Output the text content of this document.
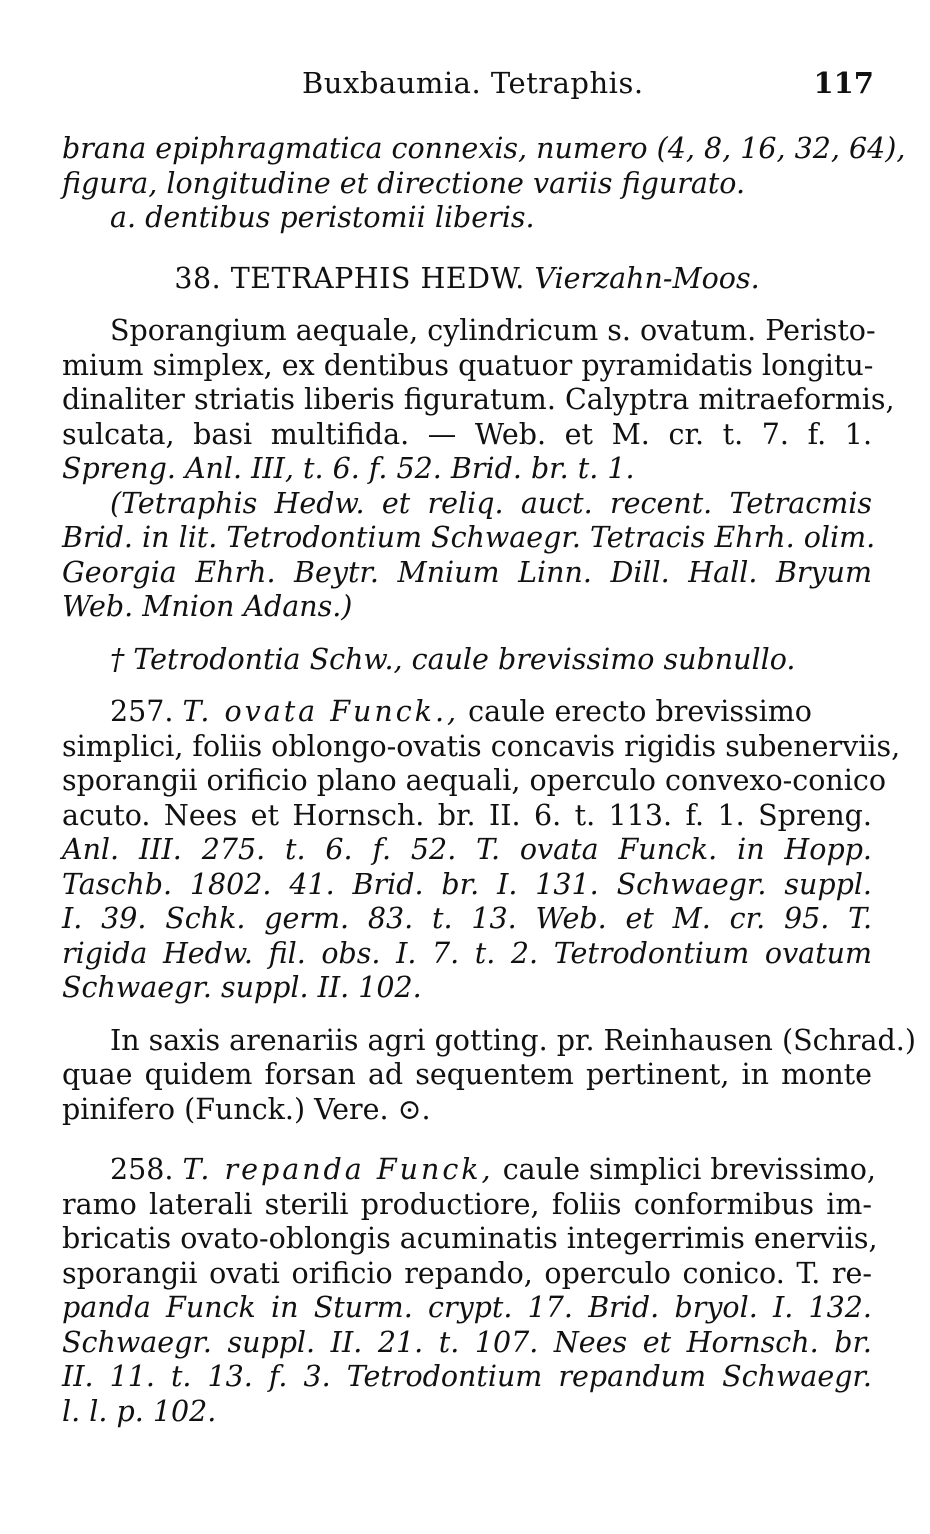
Buxbaumia. Tetraphis.	117
brana epiphragmatica connexis, numero (4, 8, 16, 32, 64),
figura, longitudine et directione variis figurato.
a. dentibus peristomii liberis.
38. TETRAPHIS HEDW. Vierzahn-Moos.
Sporangium aequale, cylindricum s. ovatum. Peristo-
mium simplex, ex dentibus quatuor pyramidatis longitu-
dinaliter striatis liberis figuratum. Calyptra mitraeformis,
sulcata, basi multifida. — Web. et M. cr. t. 7. f. 1.
Spreng. Anl. III, t. 6. f. 52. Brid. br. t. 1.
(Tetraphis Hedw. et reliq. auct. recent. Tetracmis
Brid. in lit. Tetrodontium Schwaegr. Tetracis Ehrh. olim.
Georgia Ehrh. Beytr. Mnium Linn. Dill. Hall. Bryum
Web. Mnion Adans.)
† Tetrodontia Schw., caule brevissimo subnullo.
257. T. ovata Funck., caule erecto brevissimo
simplici, foliis oblongo-ovatis concavis rigidis subenerviis,
sporangii orificio plano aequali, operculo convexo-conico
acuto. Nees et Hornsch. br. II. 6. t. 113. f. 1. Spreng.
Anl. III. 275. t. 6. f. 52. T. ovata Funck. in Hopp.
Taschb. 1802. 41. Brid. br. I. 131. Schwaegr. suppl.
I. 39. Schk. germ. 83. t. 13. Web. et M. cr. 95. T.
rigida Hedw. fil. obs. I. 7. t. 2. Tetrodontium ovatum
Schwaegr. suppl. II. 102.
In saxis arenariis agri gotting. pr. Reinhausen (Schrad.)
quae quidem forsan ad sequentem pertinent, in monte
pinifero (Funck.) Vere. ⊙.
258. T. repanda Funck, caule simplici brevissimo,
ramo laterali sterili productiore, foliis conformibus im-
bricatis ovato-oblongis acuminatis integerrimis enerviis,
sporangii ovati orificio repando, operculo conico. T. re-
panda Funck in Sturm. crypt. 17. Brid. bryol. I. 132.
Schwaegr. suppl. II. 21. t. 107. Nees et Hornsch. br.
II. 11. t. 13. f. 3. Tetrodontium repandum Schwaegr.
l. l. p. 102.
